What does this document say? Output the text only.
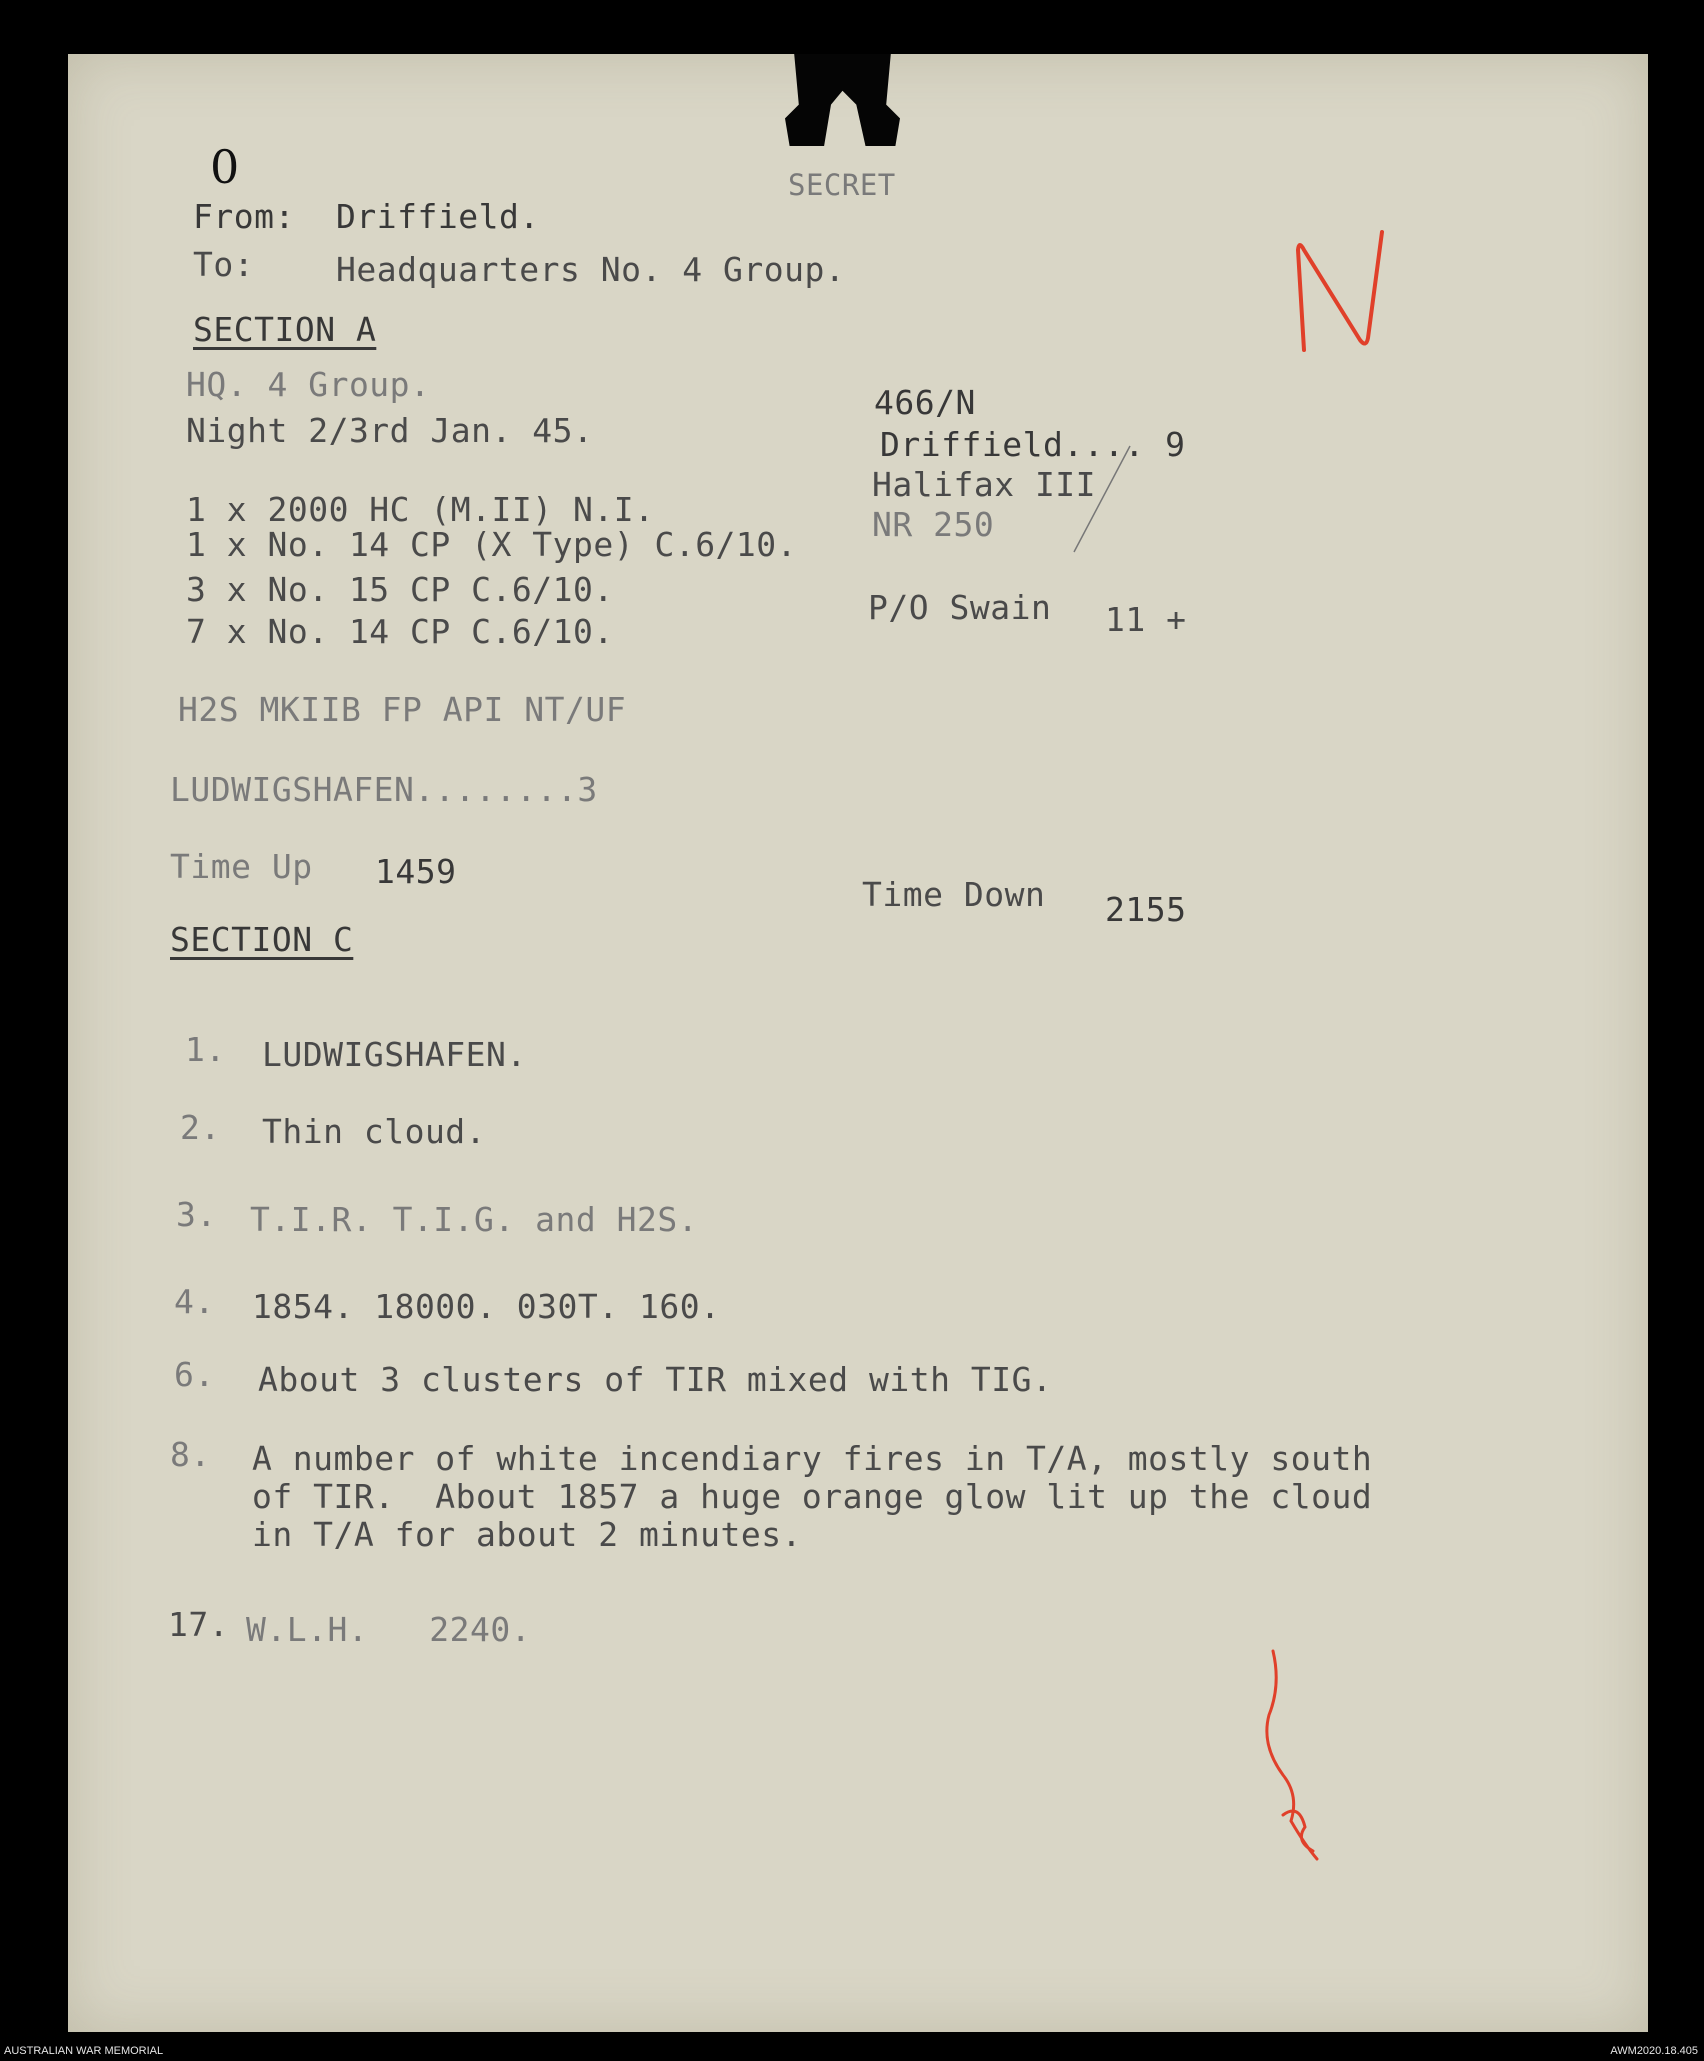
0	SECRET
From: Driffield.
To: Headquarters No. 4 Group.
SECTION A
HQ. 4 Group.
Night 2/3rd Jan. 45.
1 x 2000 HC (M.II) N.I.
1 x No. 14 CP (X Type) C.6/10.
3 x No. 15 CP C.6/10.
7 x No. 14 CP C.6/10.
H2S MKIIB FP API NT/UF
LUDWIGSHAFEN........3
Time Up 1459
Time Down 2155
466/N
Driffield.... 9
Halifax III
NR 250
P/O Swain 11 +
SECTION C
1. LUDWIGSHAFEN.
2. Thin cloud.
3. T.I.R. T.I.G. and H2S.
4. 1854. 18000. 030T. 160.
6. About 3 clusters of TIR mixed with TIG.
8. A number of white incendiary fires in T/A, mostly south
of TIR.  About 1857 a huge orange glow lit up the cloud
in T/A for about 2 minutes.
17. W.L.H.   2240.
AUSTRALIAN WAR MEMORIAL	AWM2020.18.405
